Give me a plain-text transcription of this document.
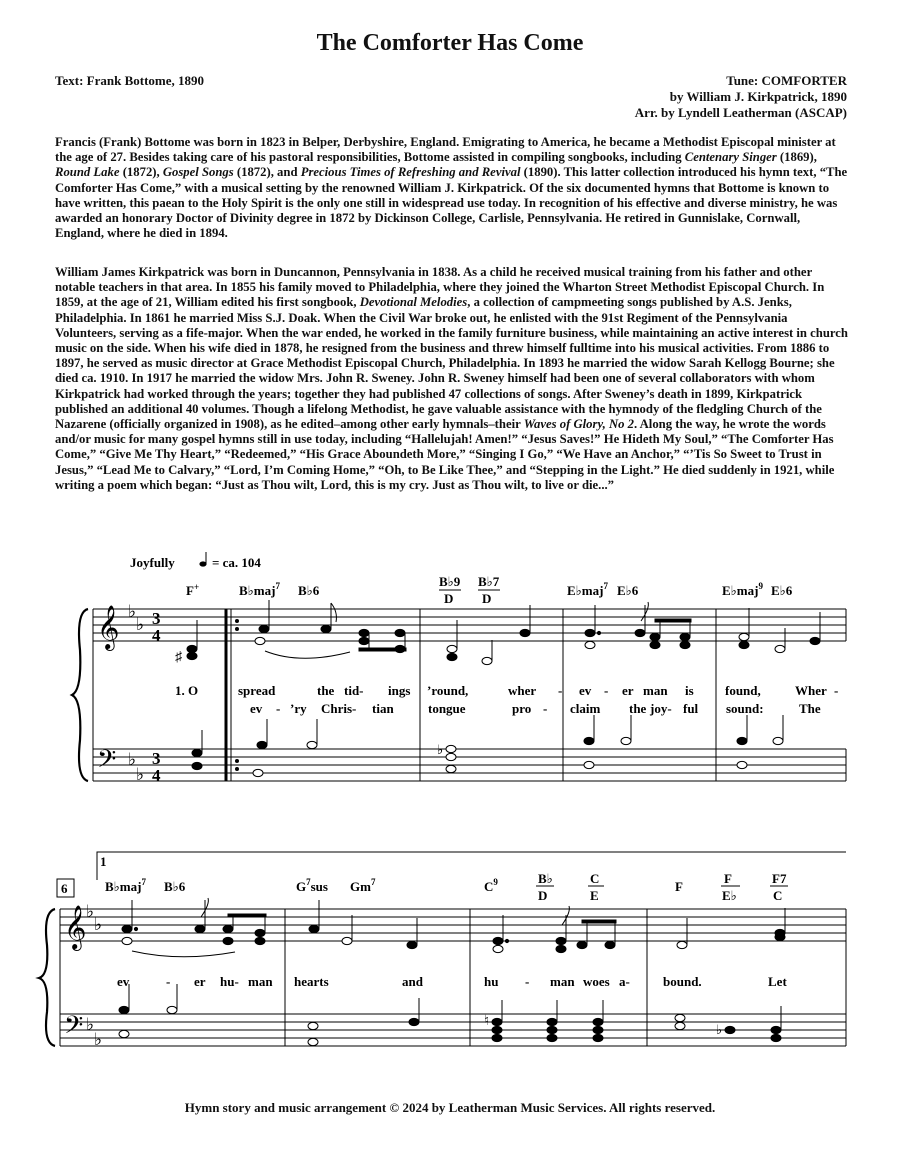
The Comforter Has Come
Text: Frank Bottome, 1890	Tune: COMFORTER
by William J. Kirkpatrick, 1890
Arr. by Lyndell Leatherman (ASCAP)
Francis (Frank) Bottome was born in 1823 in Belper, Derbyshire, England. Emigrating to America, he became a Methodist Episcopal minister at the age of 27. Besides taking care of his pastoral responsibilities, Bottome assisted in compiling songbooks, including Centenary Singer (1869), Round Lake (1872), Gospel Songs (1872), and Precious Times of Refreshing and Revival (1890). This latter collection introduced his hymn text, “The Comforter Has Come,” with a musical setting by the renowned William J. Kirkpatrick. Of the six documented hymns that Bottome is known to have written, this paean to the Holy Spirit is the only one still in widespread use today. In recognition of his effective and diverse ministry, he was awarded an honorary Doctor of Divinity degree in 1872 by Dickinson College, Carlisle, Pennsylvania. He retired in Gunnislake, Cornwall, England, where he died in 1894.
William James Kirkpatrick was born in Duncannon, Pennsylvania in 1838. As a child he received musical training from his father and other notable teachers in that area. In 1855 his family moved to Philadelphia, where they joined the Wharton Street Methodist Episcopal Church. In 1859, at the age of 21, William edited his first songbook, Devotional Melodies, a collection of campmeeting songs published by A.S. Jenks, Philadelphia. In 1861 he married Miss S.J. Doak. When the Civil War broke out, he enlisted with the 91st Regiment of the Pennsylvania Volunteers, serving as a fife-major. When the war ended, he worked in the family furniture business, while maintaining an active interest in church music on the side. When his wife died in 1878, he resigned from the business and threw himself fulltime into his musical activities. From 1886 to 1897, he served as music director at Grace Methodist Episcopal Church, Philadelphia. In 1893 he married the widow Sarah Kellogg Bourne; she died ca. 1910. In 1917 he married the widow Mrs. John R. Sweney. John R. Sweney himself had been one of several collaborators with whom Kirkpatrick had worked through the years; together they had published 47 collections of songs. After Sweney’s death in 1899, Kirkpatrick published an additional 40 volumes. Though a lifelong Methodist, he gave valuable assistance with the hymnody of the fledgling Church of the Nazarene (officially organized in 1908), as he edited–among other early hymnals–their Waves of Glory, No 2. Along the way, he wrote the words and/or music for many gospel hymns still in use today, including “Hallelujah! Amen!” “Jesus Saves!” He Hideth My Soul,” “The Comforter Has Come,” “Give Me Thy Heart,” “Redeemed,” “His Grace Aboundeth More,” “Singing I Go,” “We Have an Anchor,” “’Tis So Sweet to Trust in Jesus,” “Lead Me to Calvary,” “Lord, I’m Coming Home,” “Oh, to Be Like Thee,” and “Stepping in the Light.” He died suddenly in 1921, while writing a poem which began: “Just as Thou wilt, Lord, this is my cry. Just as Thou wilt, to live or die...”
𝄞
𝄢
♭
♭
♭
♭
3
4
3
4
♯
♭
Joyfully	= ca. 104
F+	B♭maj$^7$ B♭6
B♭9
D
B♭7
D
E♭maj$^7$ E♭6	E♭maj$^9$ E♭6
1. O	spread	the tid- ings ’round,	wher - ev - er man is found,	Wher -
ev - ’ry Chris- tian	tongue	pro - claim the joy- ful sound:	The
1
6
𝄞
𝄢
♭
♭
♭
♭
♮
♭
B♭maj$^7$ B♭6	$G^7sus$ Gm$^7$	$C^9$	B♭
D
C
E
F
F
E♭
F7
C
ev	- er hu- man hearts	and	hu - man woes a-	bound.	Let
Hymn story and music arrangement © 2024 by Leatherman Music Services. All rights reserved.
